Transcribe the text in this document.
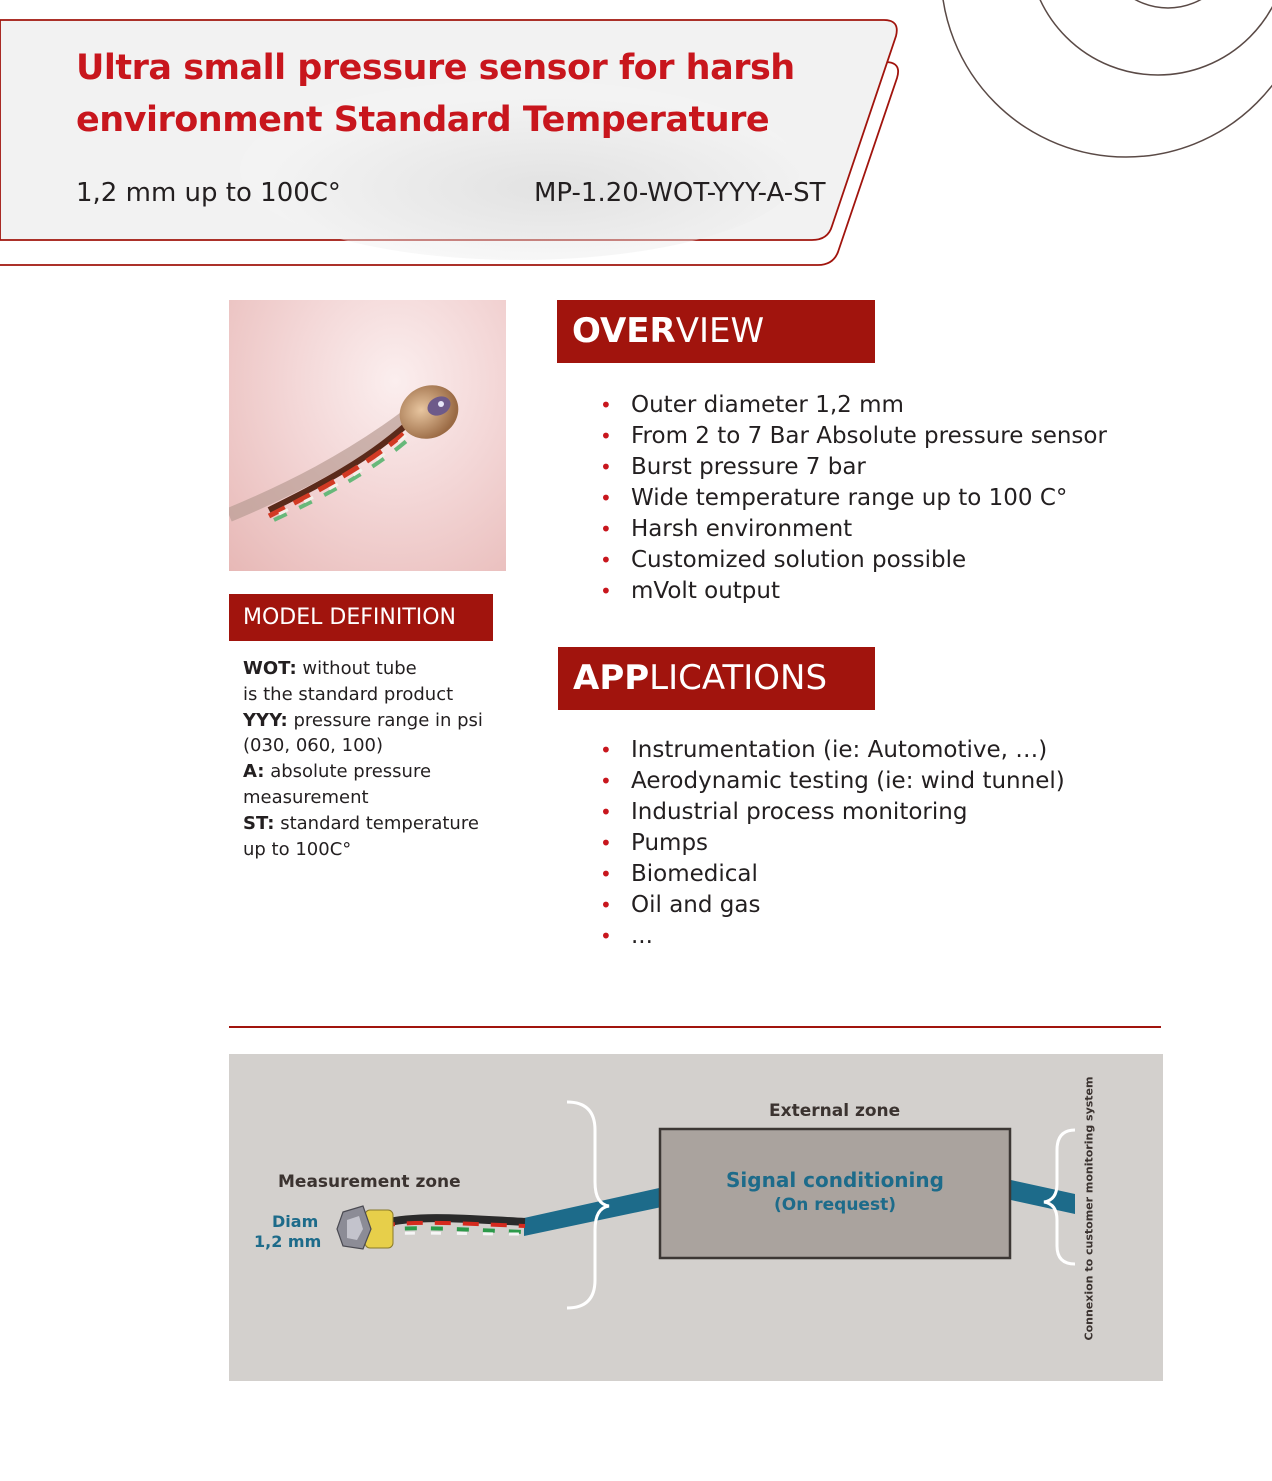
Ultra small pressure sensor for harsh
environment Standard Temperature
1,2 mm up to 100C°	MP-1.20-WOT-YYY-A-ST
MODEL DEFINITION
WOT: without tube
is the standard product
YYY: pressure range in psi
(030, 060, 100)
A: absolute pressure
measurement
ST: standard temperature
up to 100C°
OVERVIEW
• Outer diameter 1,2 mm
• From 2 to 7 Bar Absolute pressure sensor
• Burst pressure 7 bar
• Wide temperature range up to 100 C°
• Harsh environment
• Customized solution possible
• mVolt output
APPLICATIONS
• Instrumentation (ie: Automotive, …)
• Aerodynamic testing (ie: wind tunnel)
• Industrial process monitoring
• Pumps
• Biomedical
• Oil and gas
• ...
External zone
Measurement zone
Diam
1,2 mm
Signal conditioning
(On request)	Connexion to customer monitoring system
